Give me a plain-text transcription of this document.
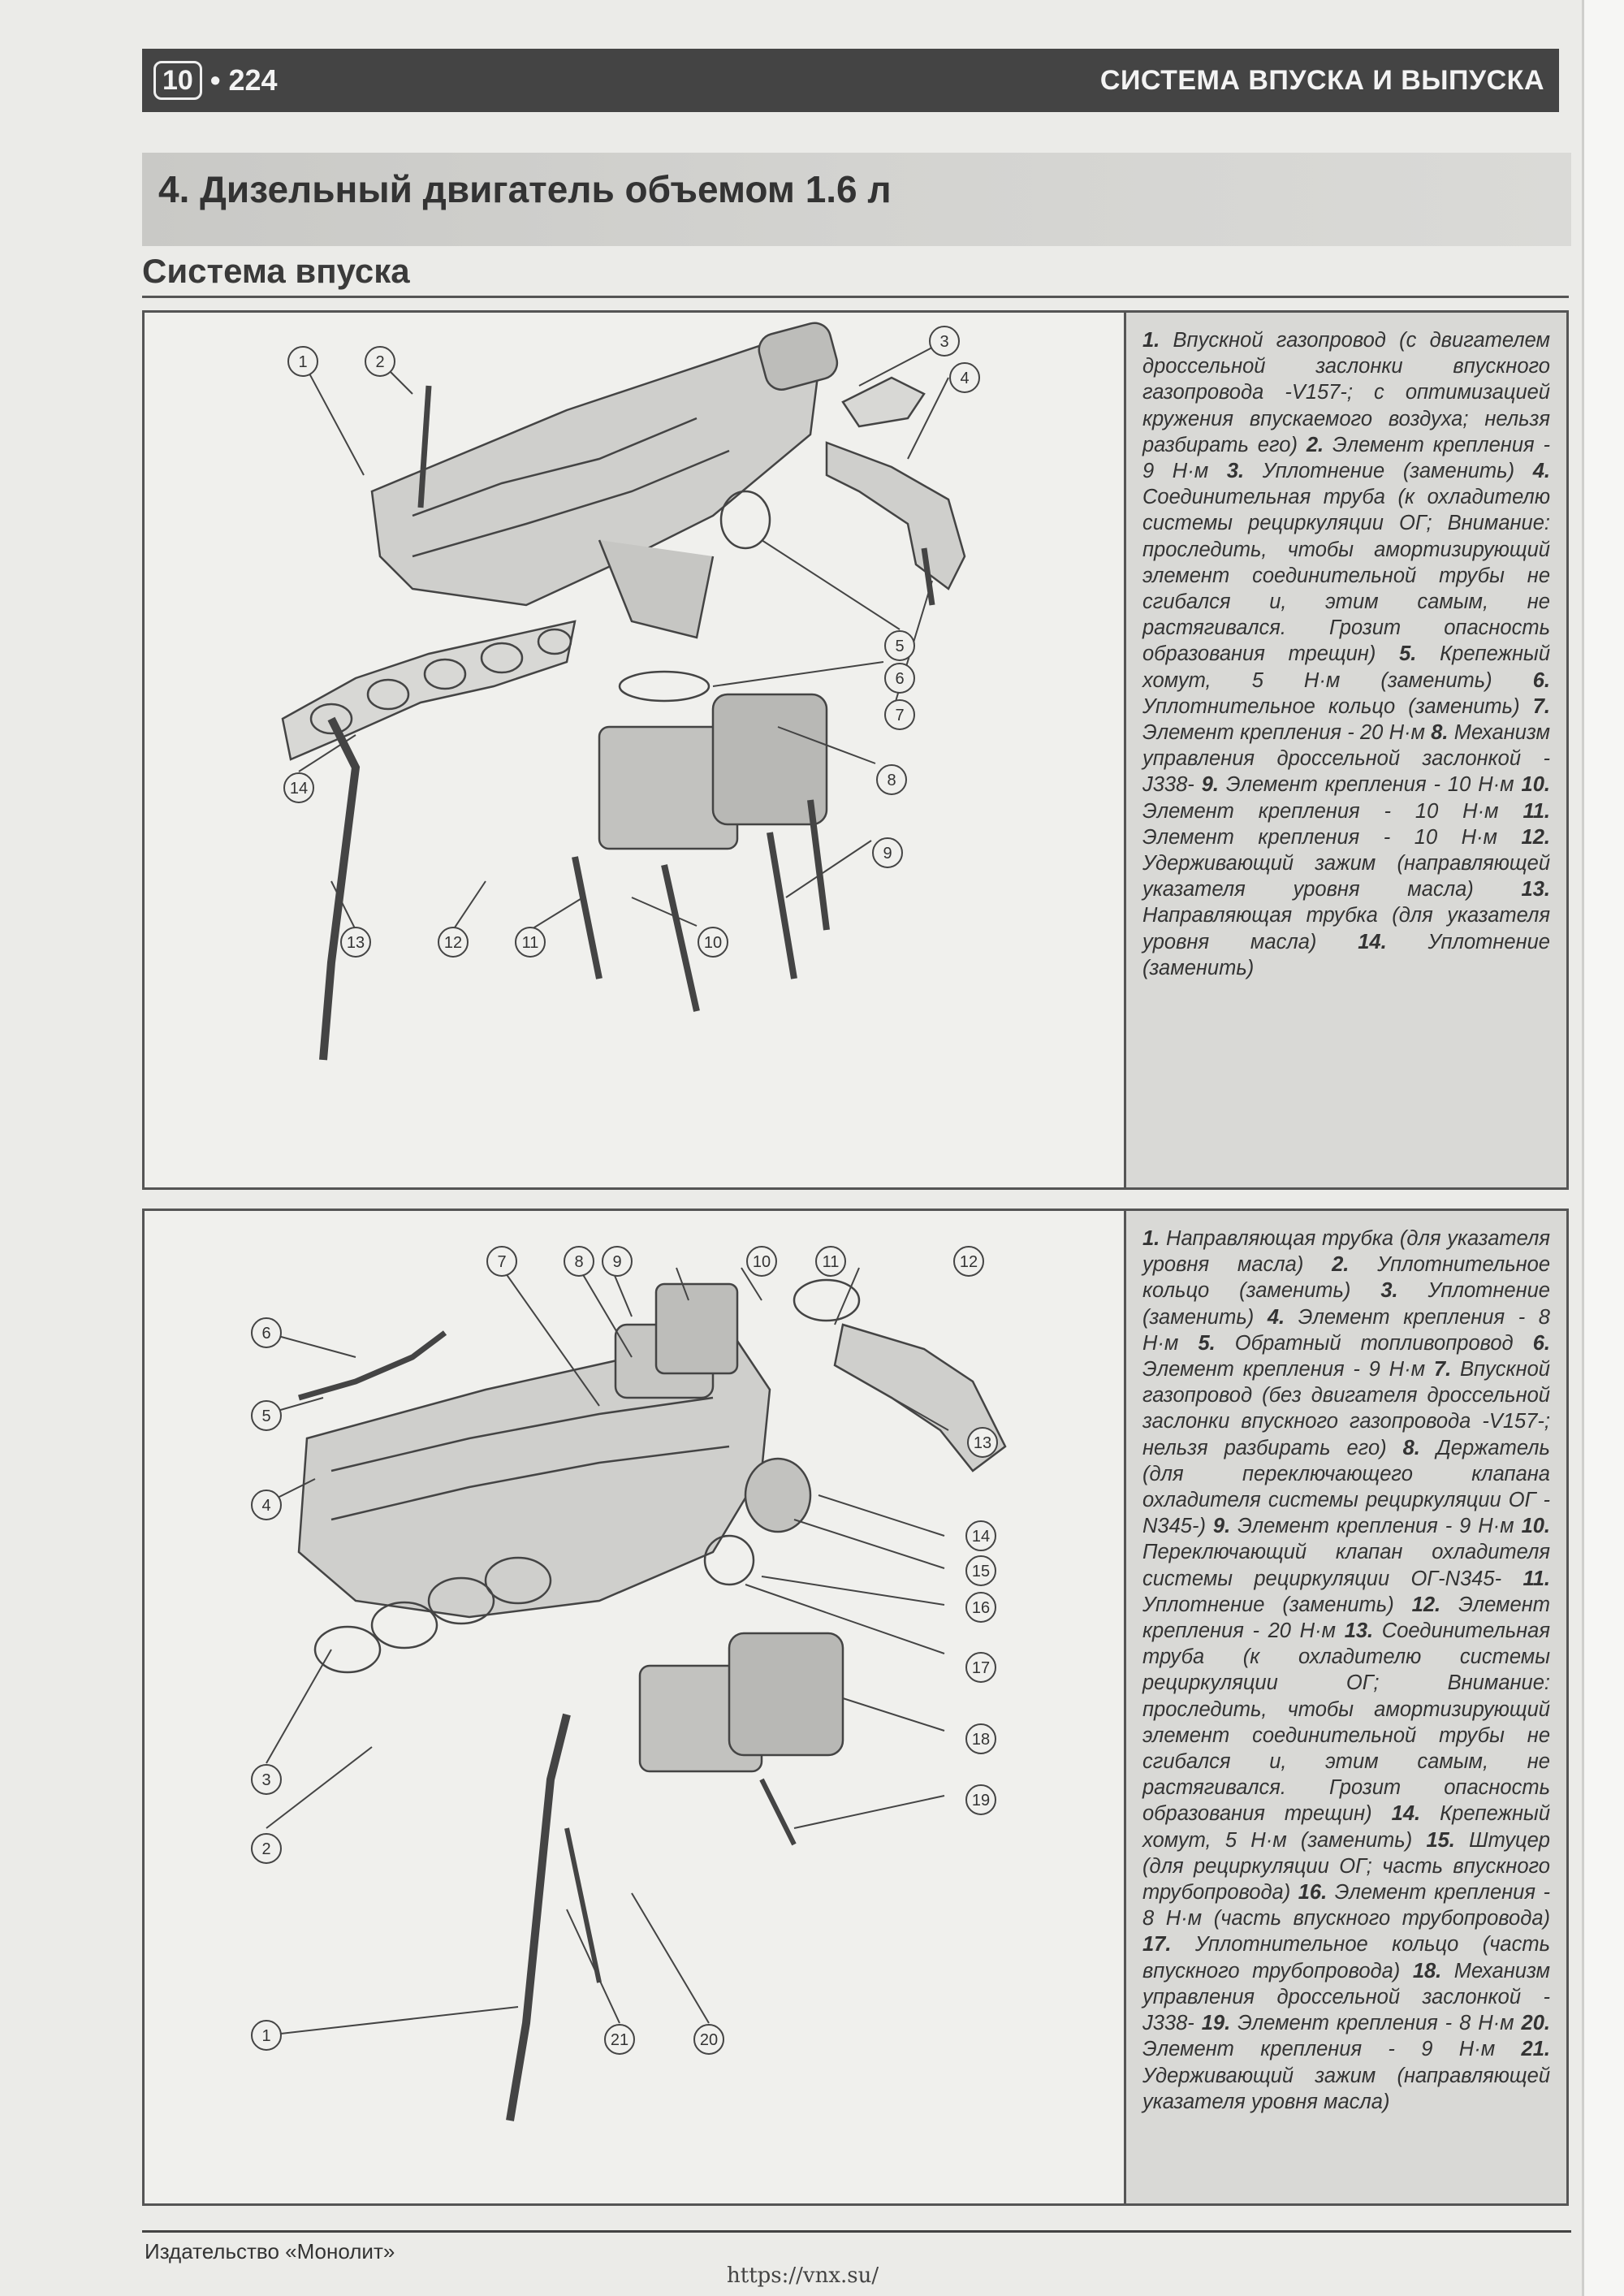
10 • 224	СИСТЕМА ВПУСКА И ВЫПУСКА
4. Дизельный двигатель объемом 1.6 л
Система впуска
1	2
3
4
5
6
7
8
9
10
11
12
13
14
1. Впускной газопровод (с двигателем дроссельной заслонки впускного газопровода -V157-; с оптимизацией кружения впускаемого воздуха; нельзя разбирать его) 2. Элемент крепления - 9 Н·м 3. Уплотнение (заменить) 4. Соединительная труба (к охладителю системы рециркуляции ОГ; Внимание: проследить, чтобы амортизирующий элемент соединительной трубы не сгибался и, этим самым, не растягивался. Грозит опасность образования трещин) 5. Крепежный хомут, 5 Н·м (заменить) 6. Уплотнительное кольцо (заменить) 7. Элемент крепления - 20 Н·м 8. Механизм управления дроссельной заслонкой -J338- 9. Элемент крепления - 10 Н·м 10. Элемент крепления - 10 Н·м 11. Элемент крепления - 10 Н·м 12. Удерживающий зажим (направляющей указателя уровня масла) 13. Направляющая трубка (для указателя уровня масла) 14. Уплотнение (заменить)
1
2
3
4
5
6
7	8 9	10	11	12
13
14
15
16
17
18
19
20
21
1. Направляющая трубка (для указателя уровня масла) 2. Уплотнительное кольцо (заменить) 3. Уплотнение (заменить) 4. Элемент крепления - 8 Н·м 5. Обратный топливопровод 6. Элемент крепления - 9 Н·м 7. Впускной газопровод (без двигателя дроссельной заслонки впускного газопровода -V157-; нельзя разбирать его) 8. Держатель (для переключающего клапана охладителя системы рециркуляции ОГ -N345-) 9. Элемент крепления - 9 Н·м 10. Переключающий клапан охладителя системы рециркуляции ОГ-N345- 11. Уплотнение (заменить) 12. Элемент крепления - 20 Н·м 13. Соединительная труба (к охладителю системы рециркуляции ОГ; Внимание: проследить, чтобы амортизирующий элемент соединительной трубы не сгибался и, этим самым, не растягивался. Грозит опасность образования трещин) 14. Крепежный хомут, 5 Н·м (заменить) 15. Штуцер (для рециркуляции ОГ; часть впускного трубопровода) 16. Элемент крепления - 8 Н·м (часть впускного трубопровода) 17. Уплотнительное кольцо (часть впускного трубопровода) 18. Механизм управления дроссельной заслонкой -J338- 19. Элемент крепления - 8 Н·м 20. Элемент крепления - 9 Н·м 21. Удерживающий зажим (направляющей указателя уровня масла)
Издательство «Монолит»
https://vnx.su/
